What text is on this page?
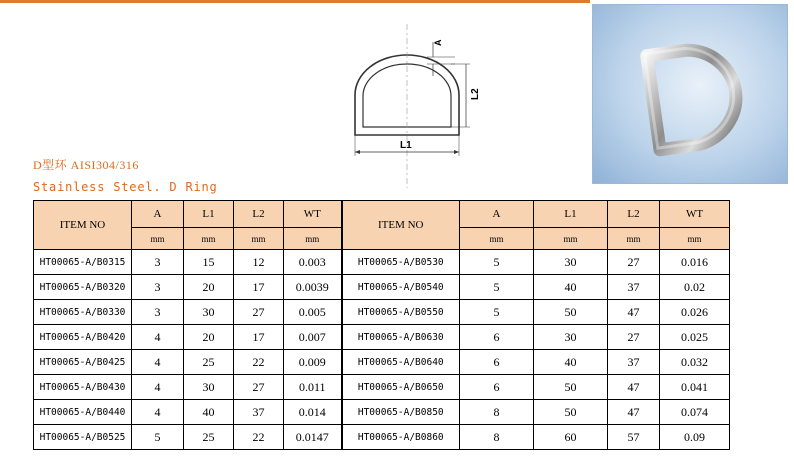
A
L2
L1
D型环 AISI304/316
Stainless Steel. D Ring
ITEM NO	A	L1	L2	WT	ITEM NO	A	L1	L2	WT
	mm	mm	mm	mm		mm	mm	mm	mm
HT00065-A/B0315	3	15	12	0.003	HT00065-A/B0530	5	30	27	0.016
HT00065-A/B0320	3	20	17	0.0039	HT00065-A/B0540	5	40	37	0.02
HT00065-A/B0330	3	30	27	0.005	HT00065-A/B0550	5	50	47	0.026
HT00065-A/B0420	4	20	17	0.007	HT00065-A/B0630	6	30	27	0.025
HT00065-A/B0425	4	25	22	0.009	HT00065-A/B0640	6	40	37	0.032
HT00065-A/B0430	4	30	27	0.011	HT00065-A/B0650	6	50	47	0.041
HT00065-A/B0440	4	40	37	0.014	HT00065-A/B0850	8	50	47	0.074
HT00065-A/B0525	5	25	22	0.0147	HT00065-A/B0860	8	60	57	0.09
